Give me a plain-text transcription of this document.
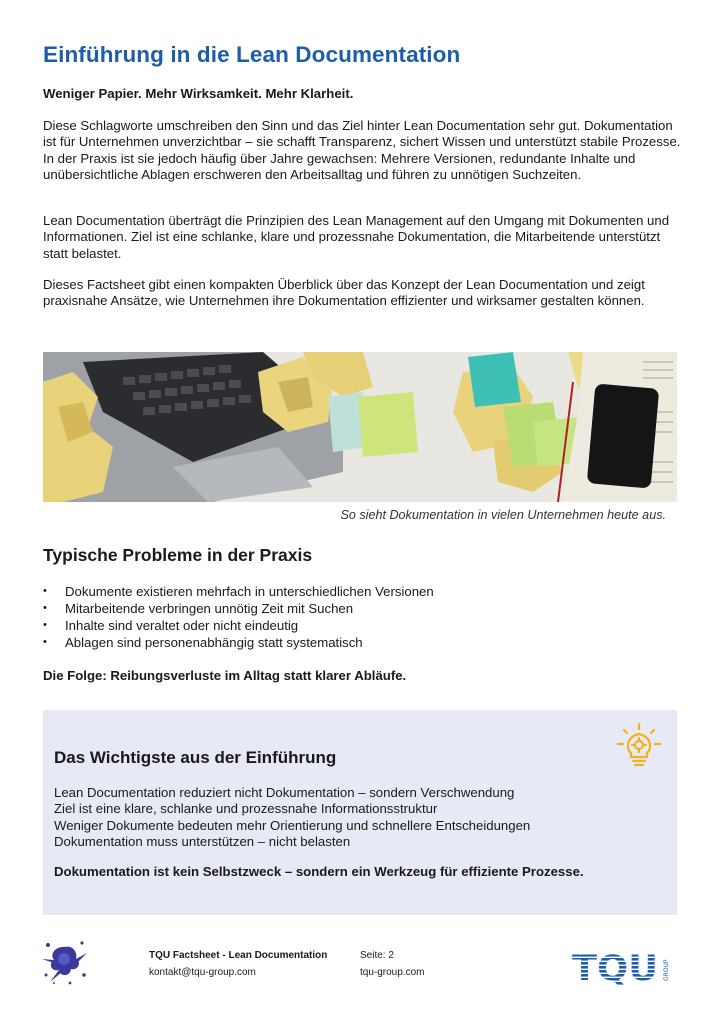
Einführung in die Lean Documentation

Weniger Papier. Mehr Wirksamkeit. Mehr Klarheit.

Diese Schlagworte umschreiben den Sinn und das Ziel hinter Lean Documentation sehr gut. Dokumentation ist für Unternehmen unverzichtbar – sie schafft Transparenz, sichert Wissen und unterstützt stabile Prozesse. In der Praxis ist sie jedoch häufig über Jahre gewachsen: Mehrere Versionen, redundante Inhalte und unübersichtliche Ablagen erschweren den Arbeitsalltag und führen zu unnötigen Suchzeiten.

Lean Documentation überträgt die Prinzipien des Lean Management auf den Umgang mit Dokumenten und Informationen. Ziel ist eine schlanke, klare und prozessnahe Dokumentation, die Mitarbeitende unterstützt statt belastet.

Dieses Factsheet gibt einen kompakten Überblick über das Konzept der Lean Documentation und zeigt praxisnahe Ansätze, wie Unternehmen ihre Dokumentation effizienter und wirksamer gestalten können.

So sieht Dokumentation in vielen Unternehmen heute aus.

Typische Probleme in der Praxis
• Dokumente existieren mehrfach in unterschiedlichen Versionen
• Mitarbeitende verbringen unnötig Zeit mit Suchen
• Inhalte sind veraltet oder nicht eindeutig
• Ablagen sind personenabhängig statt systematisch

Die Folge: Reibungsverluste im Alltag statt klarer Abläufe.

Das Wichtigste aus der Einführung
Lean Documentation reduziert nicht Dokumentation – sondern Verschwendung
Ziel ist eine klare, schlanke und prozessnahe Informationsstruktur
Weniger Dokumente bedeuten mehr Orientierung und schnellere Entscheidungen
Dokumentation muss unterstützen – nicht belasten

Dokumentation ist kein Selbstzweck – sondern ein Werkzeug für effiziente Prozesse.

TQU Factsheet - Lean Documentation
kontakt@tqu-group.com
Seite: 2
tqu-group.com	TQU GROUP
